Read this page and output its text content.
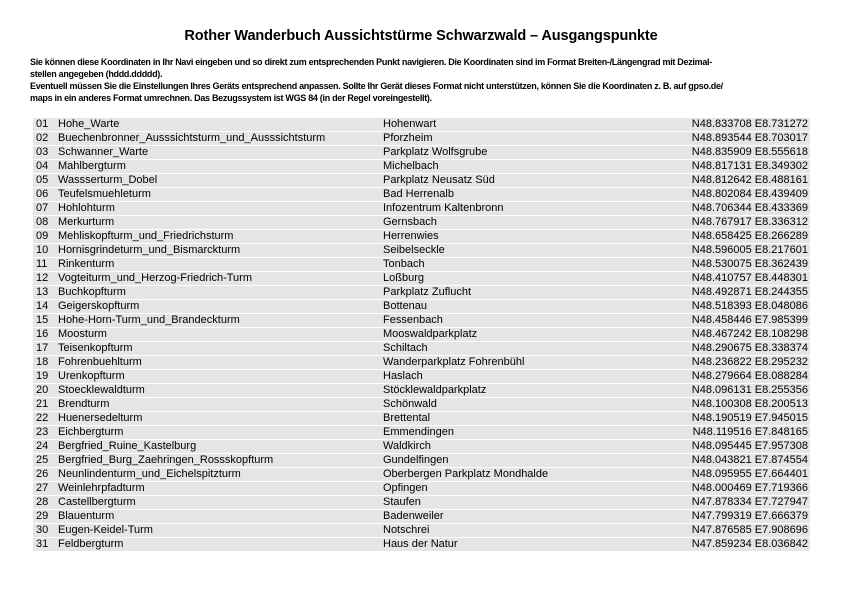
Rother Wanderbuch Aussichtstürme Schwarzwald – Ausgangspunkte
Sie können diese Koordinaten in Ihr Navi eingeben und so direkt zum entsprechenden Punkt navigieren. Die Koordinaten sind im Format Breiten-/Längengrad mit Dezimal-
stellen angegeben (hddd.ddddd).
Eventuell müssen Sie die Einstellungen Ihres Geräts entsprechend anpassen. Sollte Ihr Gerät dieses Format nicht unterstützen, können Sie die Koordinaten z. B. auf gpso.de/
maps in ein anderes Format umrechnen. Das Bezugssystem ist WGS 84 (in der Regel voreingestellt).
01 Hohe_Warte	Hohenwart	N48.833708 E8.731272
02 Buechenbronner_Ausssichtsturm_und_Ausssichtsturm	Pforzheim	N48.893544 E8.703017
03 Schwanner_Warte	Parkplatz Wolfsgrube	N48.835909 E8.555618
04 Mahlbergturm	Michelbach	N48.817131 E8.349302
05 Wassserturm_Dobel	Parkplatz Neusatz Süd	N48.812642 E8.488161
06 Teufelsmuehleturm	Bad Herrenalb	N48.802084 E8.439409
07 Hohlohturm	Infozentrum Kaltenbronn	N48.706344 E8.433369
08 Merkurturm	Gernsbach	N48.767917 E8.336312
09 Mehliskopfturm_und_Friedrichsturm	Herrenwies	N48.658425 E8.266289
10 Hornisgrindeturm_und_Bismarckturm	Seibelseckle	N48.596005 E8.217601
11 Rinkenturm	Tonbach	N48.530075 E8.362439
12 Vogteiturm_und_Herzog-Friedrich-Turm	Loßburg	N48.410757 E8.448301
13 Buchkopfturm	Parkplatz Zuflucht	N48.492871 E8.244355
14 Geigerskopfturm	Bottenau	N48.518393 E8.048086
15 Hohe-Horn-Turm_und_Brandeckturm	Fessenbach	N48.458446 E7.985399
16 Moosturm	Mooswaldparkplatz	N48.467242 E8.108298
17 Teisenkopfturm	Schiltach	N48.290675 E8.338374
18 Fohrenbuehlturm	Wanderparkplatz Fohrenbühl	N48.236822 E8.295232
19 Urenkopfturm	Haslach	N48.279664 E8.088284
20 Stoecklewaldturm	Stöcklewaldparkplatz	N48.096131 E8.255356
21 Brendturm	Schönwald	N48.100308 E8.200513
22 Huenersedelturm	Brettental	N48.190519 E7.945015
23 Eichbergturm	Emmendingen	N48.119516 E7.848165
24 Bergfried_Ruine_Kastelburg	Waldkirch	N48.095445 E7.957308
25 Bergfried_Burg_Zaehringen_Rossskopfturm	Gundelfingen	N48.043821 E7.874554
26 Neunlindenturm_und_Eichelspitzturm	Oberbergen Parkplatz Mondhalde	N48.095955 E7.664401
27 Weinlehrpfadturm	Opfingen	N48.000469 E7.719366
28 Castellbergturm	Staufen	N47.878334 E7.727947
29 Blauenturm	Badenweiler	N47.799319 E7.666379
30 Eugen-Keidel-Turm	Notschrei	N47.876585 E7.908696
31 Feldbergturm	Haus der Natur	N47.859234 E8.036842
